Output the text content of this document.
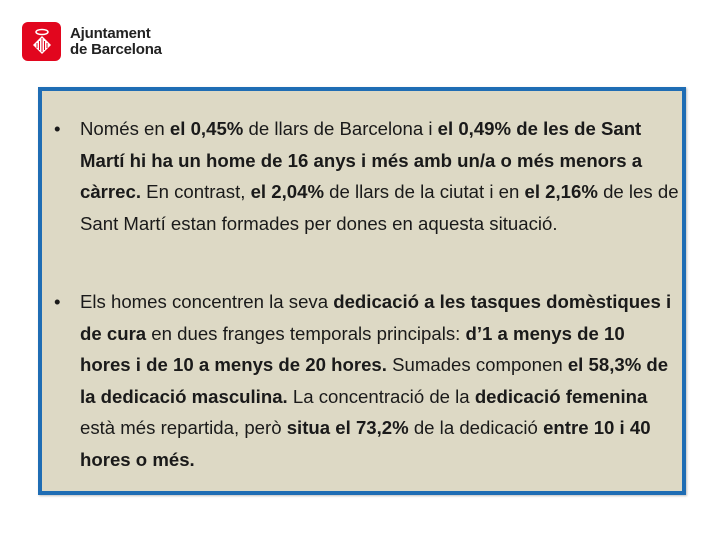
Ajuntament
de Barcelona
• Només en el 0,45% de llars de Barcelona i el 0,49% de les de Sant Martí hi ha un home de 16 anys i més amb un/a o més menors a càrrec. En contrast, el 2,04% de llars de la ciutat i en el 2,16% de les de Sant Martí estan formades per dones en aquesta situació.
• Els homes concentren la seva dedicació a les tasques domèstiques i de cura en dues franges temporals principals: d’1 a menys de 10 hores i de 10 a menys de 20 hores. Sumades componen el 58,3% de la dedicació masculina. La concentració de la dedicació femenina està més repartida, però situa el 73,2% de la dedicació entre 10 i 40 hores o més.
